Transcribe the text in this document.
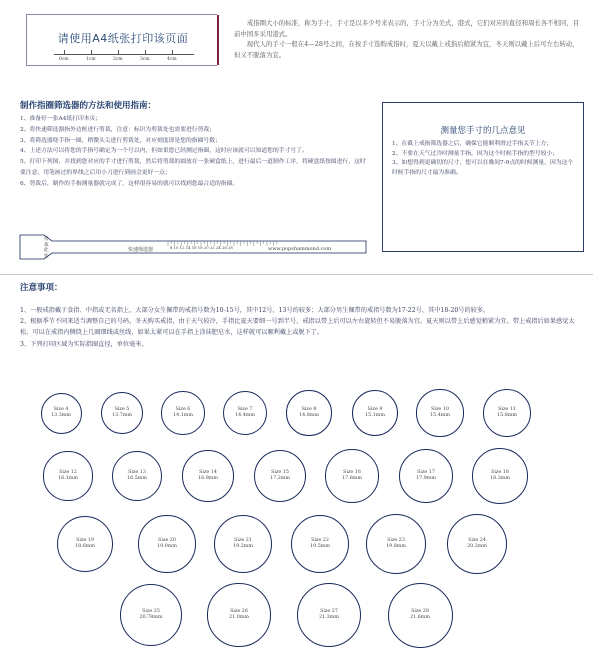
请使用A4纸张打印该页面
0cm	1cm	2cm	3cm	4cm
戒指圈大小的标准，称为手寸，手寸是以多少号来表示的，手寸分为美式，港式，它们对应的直径和周长各不相同，目前中国多采用港式。
现代人的手寸一般在4—28号之间，在按手寸选购戒指时，夏天以戴上戒指后稍紧为宜，冬天则以戴上后可左右转动，但又不脱落为宜。
制作指圈筛选器的方法和使用指南：

1、准备好一张A4纸打印本页；

2、将快速筛选器指外边框进行剪裁，注意：标识为剪裁处也需要进行剪裁；

3、将筛选器绕手指一圈，稍微头尖进行剪裁处，对应刻度即是您的指圈号数；

4、上述方法可以将您的手指号确定为一个号以内，但如果您已经测过指圈，这时应该就可以知道您的手寸号了。

5、打印下列图，并找到您对应的手寸进行剪裁，然后将剪裁的圆放在一张硬盒纸上，进行最后一道制作工序，将硬盒纸按圆进行，这时要注意，用笔画过的界线之后用小刀进行到画会更好一点；

6、剪裁后，制作的手指测量器就完成了，这样很容易的就可以找到您最合适的指圈。

测量您手寸的几点意见

1、在截上戒指筛选器之后，确保它能顺利滑过手指关节上方；

2、不要在天气过冷时测量手指，因为这个时候手指的型号较小；

3、如想得到更确切的尺寸，您可以在晚间7-9点的时候测量，因为这个时候手指的尺寸最为准确。

剪
裁
此
处
快速筛选器	8 10 12 14 16 18 20 22 24 26 28	www.popshammond.com
注意事项：

1、一般戒指戴于食指、中指或无名指上，大部分女生佩带的戒指号数为10-15号，其中12号、13号的较多；大部分男生佩带的戒指号数为17-22号，其中18-20号的较多。

2、根据季节不同来适当调整自己的号码，冬天购买戒指，由于天气较冷，手指比夏天要细一号到半号，戒指以带上后可以左右旋转但不易脱落为宜。夏天则以带上后感觉稍紧为宜。带上戒指后如果感觉太松，可以在戒指内侧绕上几圈细线或丝线，如果太紧可以在手指上涂抹肥皂水，这样就可以顺利戴上或脱下了。

3、下列打印区域为实际指圈直径，单位毫米。

Size 4
13.3mm
Size 5
13.7mm
Size 6
14.1mm
Size 7
14.4mm
Size 8
14.8mm
Size 9
15.1mm
Size 10
15.4mm
Size 11
15.8mm
Size 12
16.1mm
Size 13
16.5mm
Size 14
16.9mm
Size 15
17.2mm
Size 16
17.6mm
Size 17
17.9mm
Size 18
18.3mm
Size 19
18.6mm
Size 20
19.0mm
Size 21
19.2mm
Size 22
19.5mm
Size 23
19.8mm
Size 24
20.2mm
Size 25
20.78mm
Size 26
21.0mm
Size 27
21.3mm
Size 28
21.6mm
